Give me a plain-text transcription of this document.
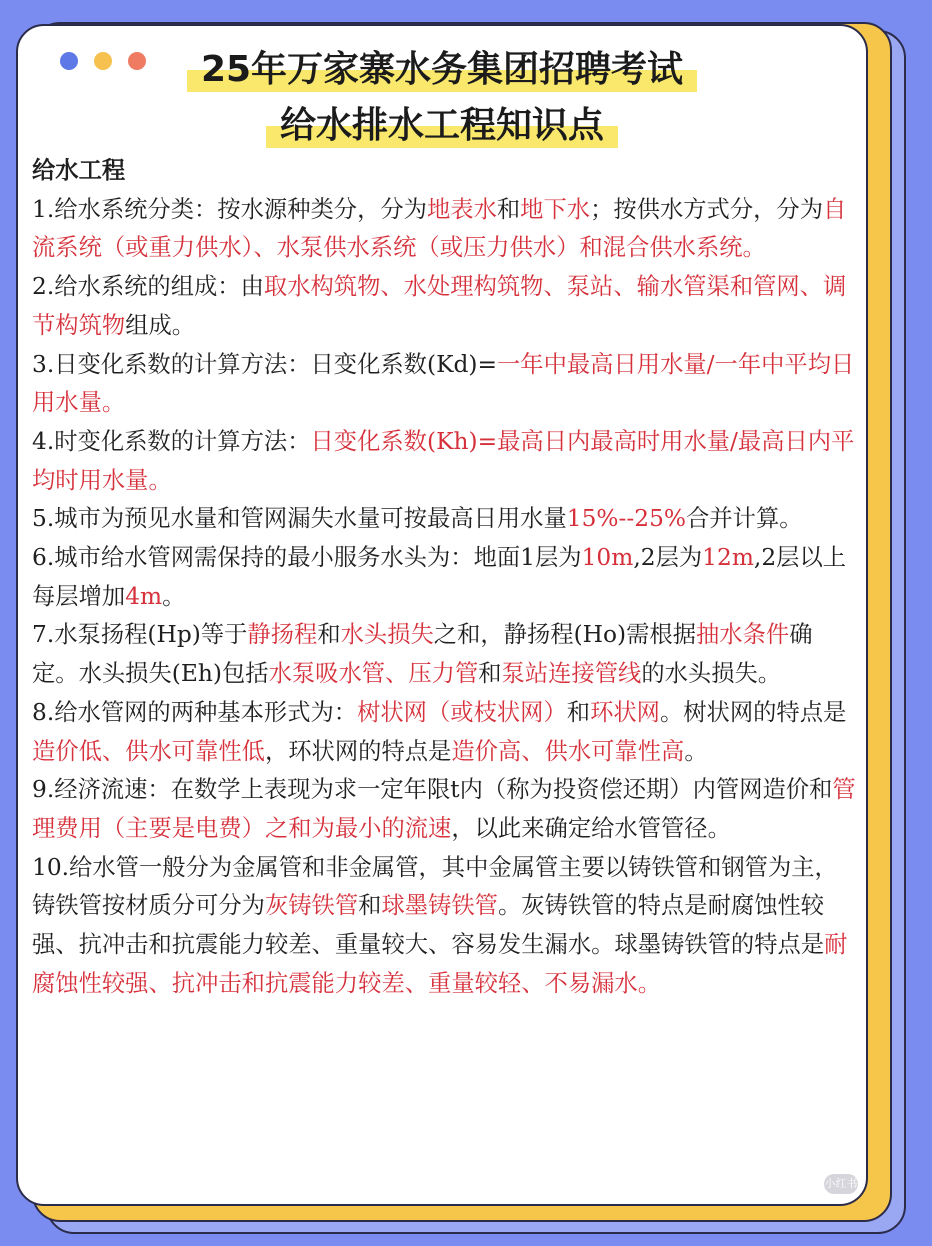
25年万家寨水务集团招聘考试
给水排水工程知识点

给水工程

1.给水系统分类：按水源种类分，分为地表水和地下水；按供水方式分，分为自流系统（或重力供水）、水泵供水系统（或压力供水）和混合供水系统。

2.给水系统的组成：由取水构筑物、水处理构筑物、泵站、输水管渠和管网、调节构筑物组成。

3.日变化系数的计算方法：日变化系数(Kd)=一年中最高日用水量/一年中平均日用水量。

4.时变化系数的计算方法：日变化系数(Kh)=最高日内最高时用水量/最高日内平均时用水量。

5.城市为预见水量和管网漏失水量可按最高日用水量15%--25%合并计算。

6.城市给水管网需保持的最小服务水头为：地面1层为10m,2层为12m,2层以上每层增加4m。

7.水泵扬程(Hp)等于静扬程和水头损失之和，静扬程(Ho)需根据抽水条件确定。水头损失(Eh)包括水泵吸水管、压力管和泵站连接管线的水头损失。

8.给水管网的两种基本形式为：树状网（或枝状网）和环状网。树状网的特点是造价低、供水可靠性低，环状网的特点是造价高、供水可靠性高。

9.经济流速：在数学上表现为求一定年限t内（称为投资偿还期）内管网造价和管理费用（主要是电费）之和为最小的流速，以此来确定给水管管径。

10.给水管一般分为金属管和非金属管，其中金属管主要以铸铁管和钢管为主，铸铁管按材质分可分为灰铸铁管和球墨铸铁管。灰铸铁管的特点是耐腐蚀性较强、抗冲击和抗震能力较差、重量较大、容易发生漏水。球墨铸铁管的特点是耐腐蚀性较强、抗冲击和抗震能力较差、重量较轻、不易漏水。

小红书
